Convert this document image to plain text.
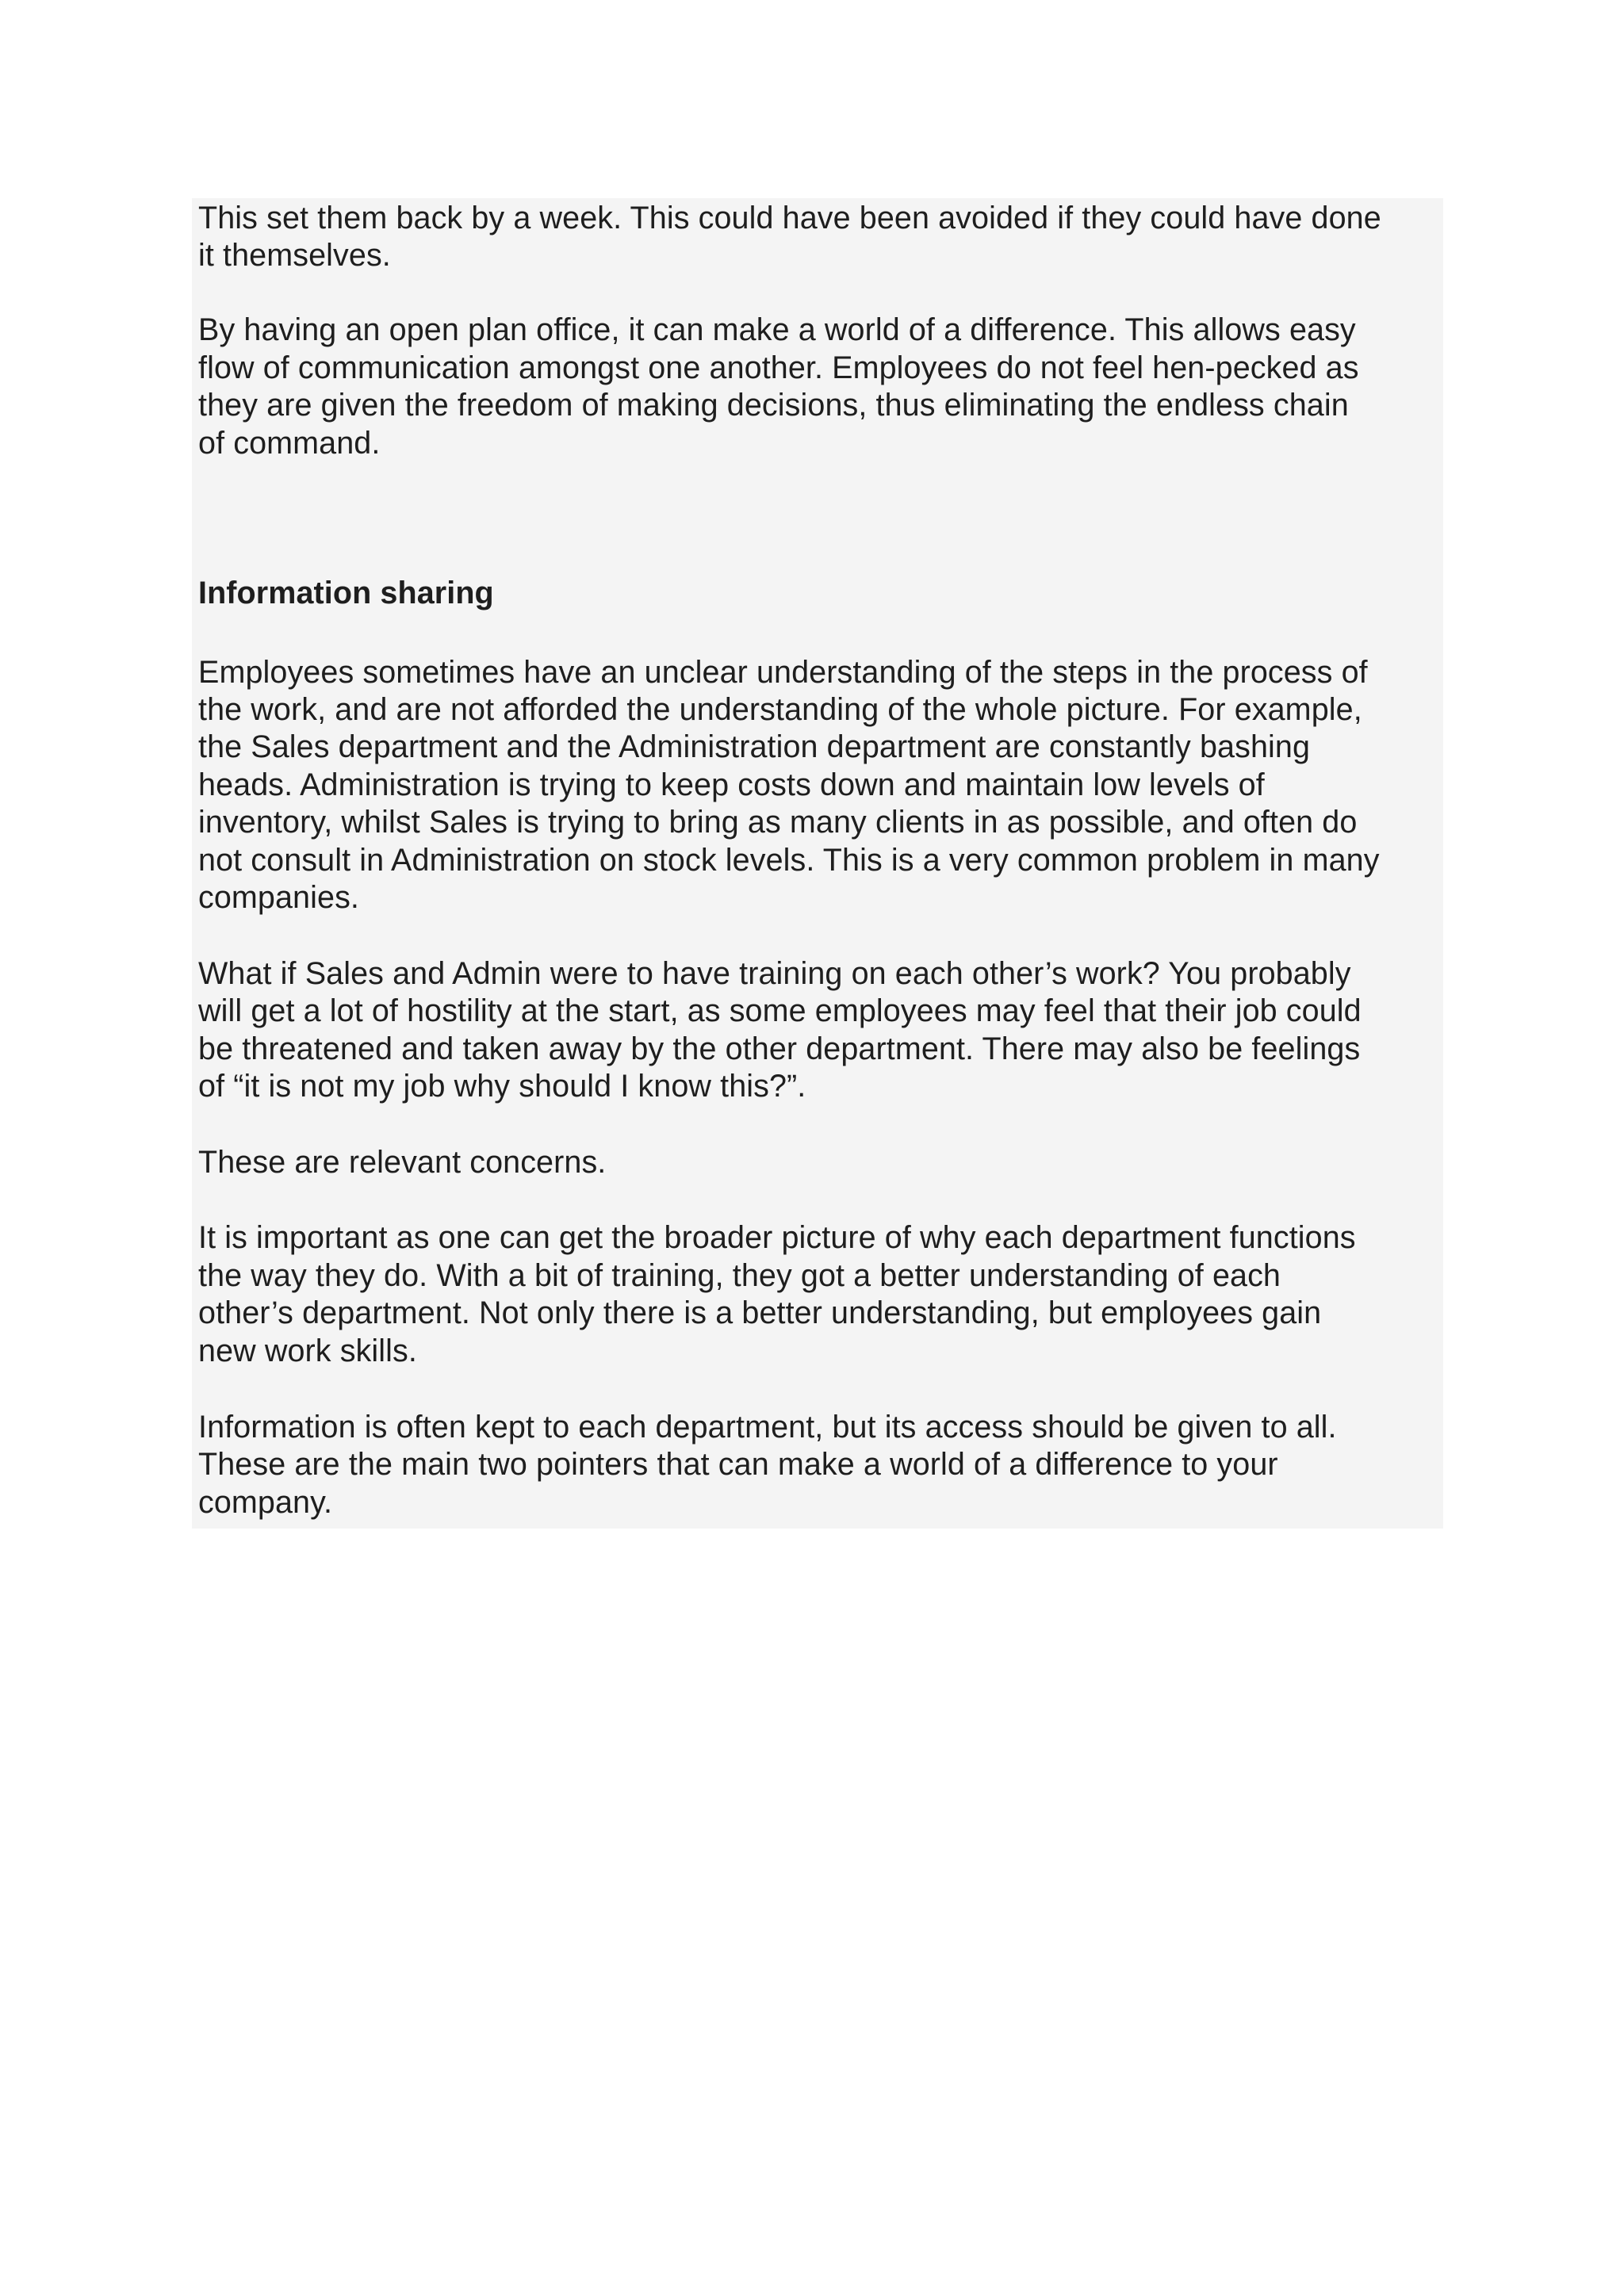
This set them back by a week. This could have been avoided if they could have done

it themselves.

By having an open plan office, it can make a world of a difference. This allows easy

flow of communication amongst one another. Employees do not feel hen-pecked as

they are given the freedom of making decisions, thus eliminating the endless chain

of command.

Information sharing

Employees sometimes have an unclear understanding of the steps in the process of

the work, and are not afforded the understanding of the whole picture. For example,

the Sales department and the Administration department are constantly bashing

heads. Administration is trying to keep costs down and maintain low levels of

inventory, whilst Sales is trying to bring as many clients in as possible, and often do

not consult in Administration on stock levels. This is a very common problem in many

companies.

What if Sales and Admin were to have training on each other’s work? You probably

will get a lot of hostility at the start, as some employees may feel that their job could

be threatened and taken away by the other department. There may also be feelings

of “it is not my job why should I know this?”.

These are relevant concerns.

It is important as one can get the broader picture of why each department functions

the way they do. With a bit of training, they got a better understanding of each

other’s department. Not only there is a better understanding, but employees gain

new work skills.

Information is often kept to each department, but its access should be given to all.

These are the main two pointers that can make a world of a difference to your

company.
